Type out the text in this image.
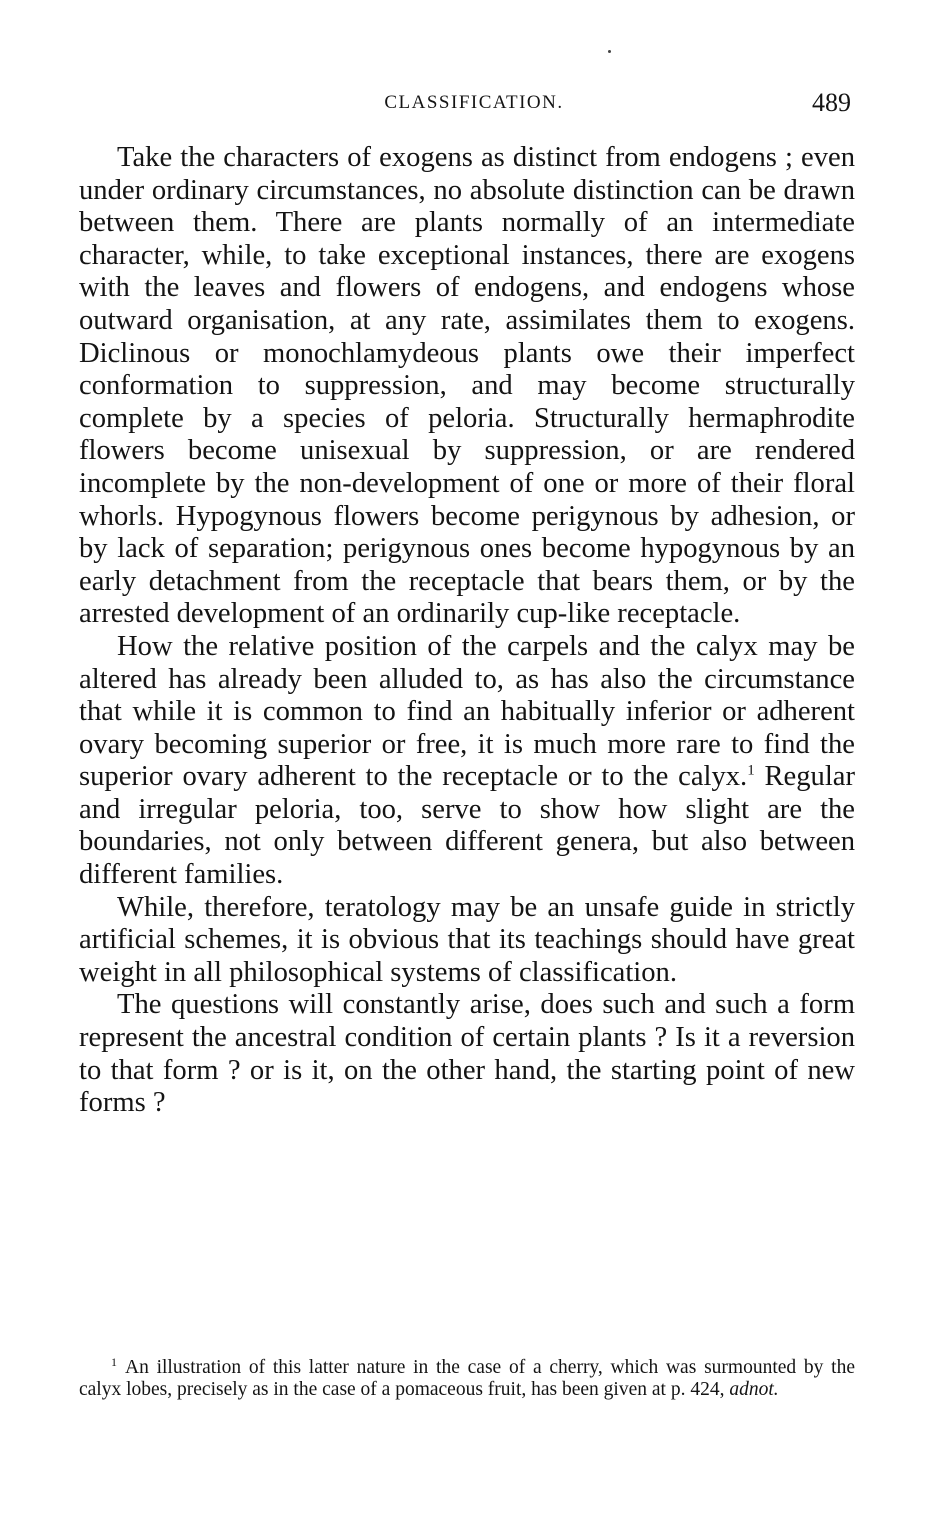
CLASSIFICATION.	489

Take the characters of exogens as distinct from endogens ; even under ordinary circumstances, no absolute distinction can be drawn between them. There are plants normally of an intermediate character, while, to take exceptional instances, there are exogens with the leaves and flowers of endogens, and endogens whose outward organisation, at any rate, assimilates them to exogens. Diclinous or monochlamydeous plants owe their imperfect conformation to suppression, and may become structurally complete by a species of peloria. Structurally hermaphrodite flowers become unisexual by suppression, or are rendered incomplete by the non-development of one or more of their floral whorls. Hypogynous flowers become perigynous by adhesion, or by lack of separation; perigynous ones become hypogynous by an early detachment from the receptacle that bears them, or by the arrested development of an ordinarily cup-like receptacle.

How the relative position of the carpels and the calyx may be altered has already been alluded to, as has also the circumstance that while it is common to find an habitually inferior or adherent ovary becoming superior or free, it is much more rare to find the superior ovary adherent to the receptacle or to the calyx.$^1$ Regular and irregular peloria, too, serve to show how slight are the boundaries, not only between different genera, but also between different families.

While, therefore, teratology may be an unsafe guide in strictly artificial schemes, it is obvious that its teachings should have great weight in all philosophical systems of classification.

The questions will constantly arise, does such and such a form represent the ancestral condition of certain plants ? Is it a reversion to that form ? or is it, on the other hand, the starting point of new forms ?

$^1$ An illustration of this latter nature in the case of a cherry, which was surmounted by the calyx lobes, precisely as in the case of a pomaceous fruit, has been given at p. 424, adnot.
